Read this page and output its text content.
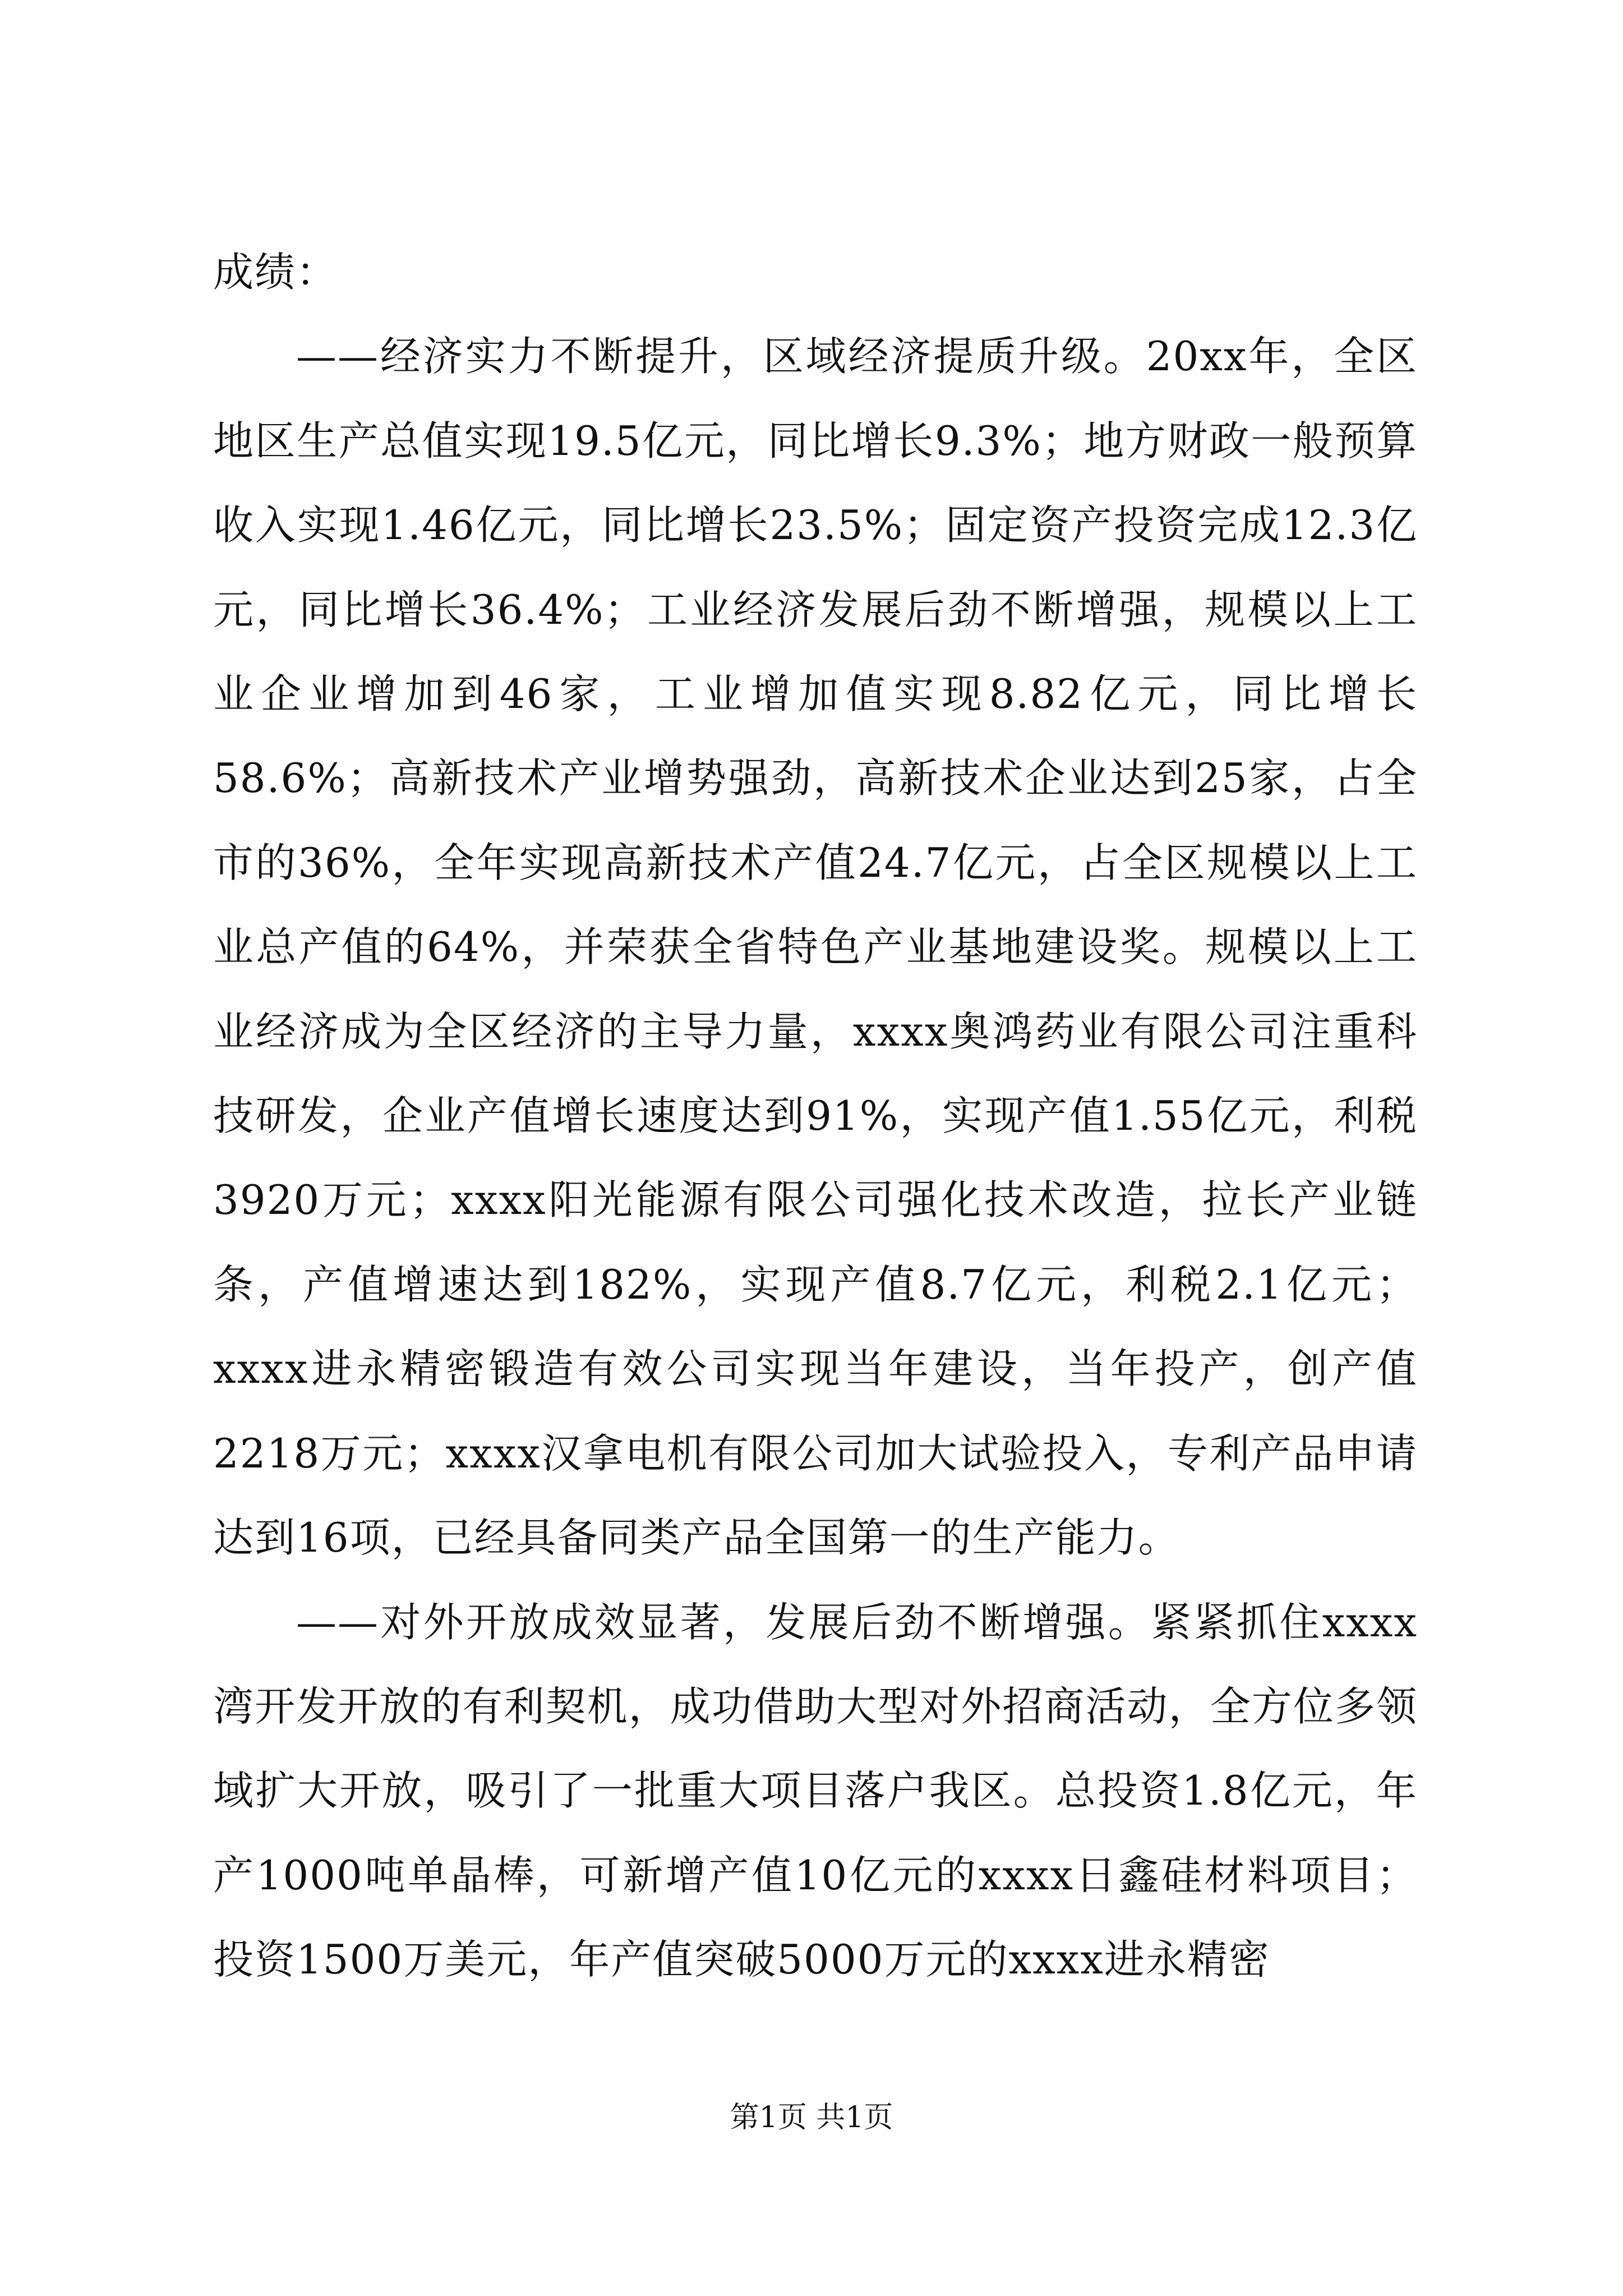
成绩：

——经济实力不断提升，区域经济提质升级。20xx年，全区地区生产总值实现19.5亿元，同比增长9.3%；地方财政一般预算收入实现1.46亿元，同比增长23.5%；固定资产投资完成12.3亿元，同比增长36.4%；工业经济发展后劲不断增强，规模以上工业企业增加到46家，工业增加值实现8.82亿元，同比增长58.6%；高新技术产业增势强劲，高新技术企业达到25家，占全市的36%，全年实现高新技术产值24.7亿元，占全区规模以上工业总产值的64%，并荣获全省特色产业基地建设奖。规模以上工业经济成为全区经济的主导力量，xxxx奥鸿药业有限公司注重科技研发，企业产值增长速度达到91%，实现产值1.55亿元，利税3920万元；xxxx阳光能源有限公司强化技术改造，拉长产业链条，产值增速达到182%，实现产值8.7亿元，利税2.1亿元；xxxx进永精密锻造有效公司实现当年建设，当年投产，创产值2218万元；xxxx汉拿电机有限公司加大试验投入，专利产品申请达到16项，已经具备同类产品全国第一的生产能力。

——对外开放成效显著，发展后劲不断增强。紧紧抓住xxxx湾开发开放的有利契机，成功借助大型对外招商活动，全方位多领域扩大开放，吸引了一批重大项目落户我区。总投资1.8亿元，年产1000吨单晶棒，可新增产值10亿元的xxxx日鑫硅材料项目；投资1500万美元，年产值突破5000万元的xxxx进永精密

第1页 共1页
